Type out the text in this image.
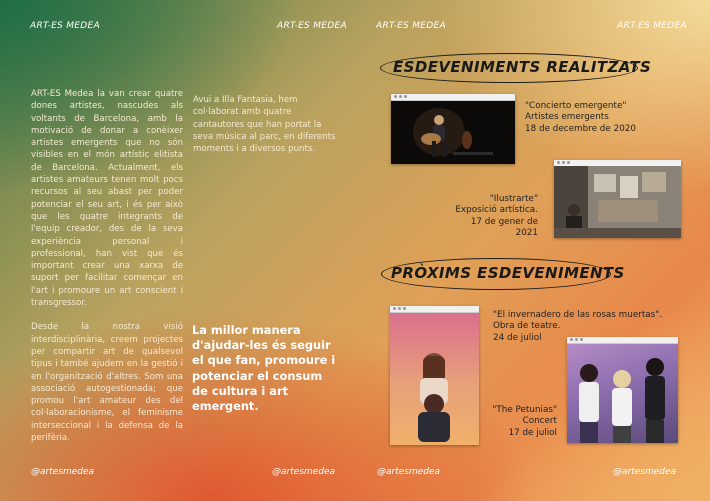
ART-ES MEDEA	ART-ES MEDEA	ART-ES MEDEA	ART-ES MEDEA

ART-ES Medea la van crear quatre dones artistes, nascudes als voltants de Barcelona, amb la motivació de donar a conèixer artistes emergents que no són visibles en el món artístic elitista de Barcelona. Actualment, els artistes amateurs tenen molt pocs recursos al seu abast per poder potenciar el seu art, i és per això que les quatre integrants de l'equip creador, des de la seva experiència personal i professional, han vist que és important crear una xarxa de suport per facilitar començar en l'art i promoure un art conscient i transgressor.

Desde la nostra visió interdisciplinària, creem projectes per compartir art de qualsevol tipus i també ajudem en la gestió i en l'organització d'altres. Som una associació autogestionada; que promou l'art amateur des del col·laboracionisme, el feminisme interseccional i la defensa de la perifèria.

Avui a Illa Fantasia, hem col·laborat amb quatre cantautores que han portat la seva música al parc, en diferents moments i a diversos punts.

La millor manera d'ajudar-les és seguir el que fan, promoure i potenciar el consum de cultura i art emergent.
ESDEVENIMENTS REALITZATS
"Concierto emergente"
Artistes emergents
18 de decembre de 2020
"Ilustrarte"
Exposició artística.
17 de gener de 2021
PRÒXIMS ESDEVENIMENTS
"El invernadero de las rosas muertas".
Obra de teatre.
24 de juliol
"The Petunias"
Concert
17 de juliol
@artesmedea	@artesmedea	@artesmedea	@artesmedea
